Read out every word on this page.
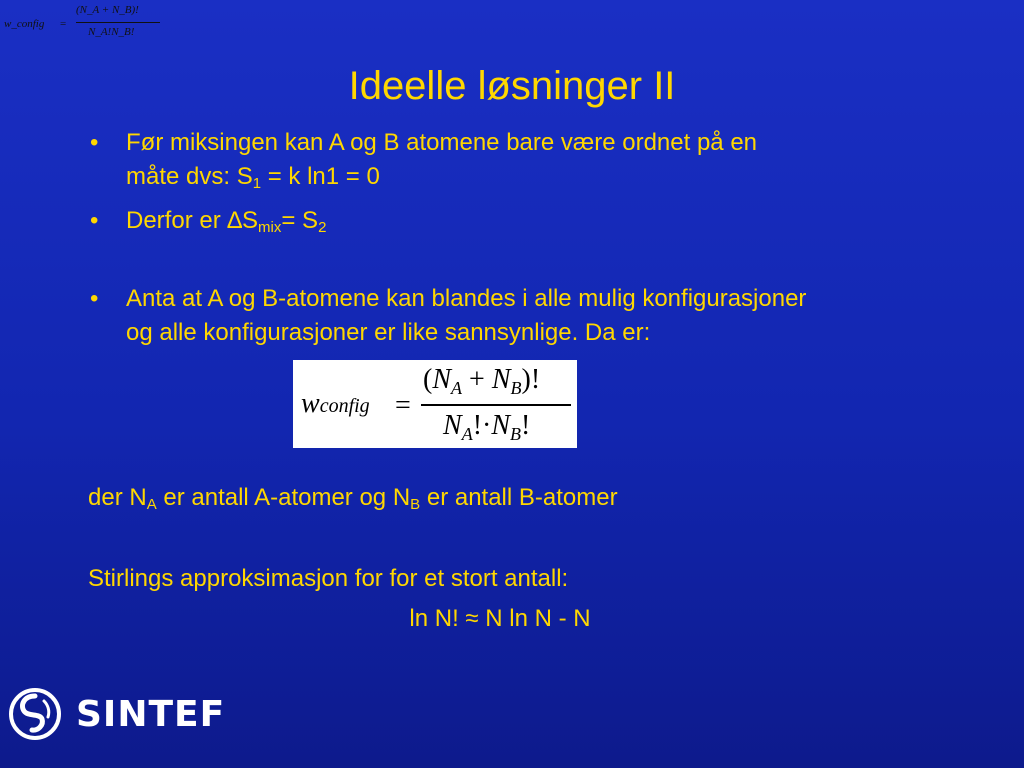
w_config =
(N_A + N_B)!
N_A!N_B!
Ideelle løsninger II
• Før miksingen kan A og B atomene bare være ordnet på en
måte dvs: $S_1 = k$ ln1 = 0
• Derfor er $\Delta S_{mix}= S_2$
• Anta at A og B-atomene kan blandes i alle mulig konfigurasjoner
og alle konfigurasjoner er like sannsynlige. Da er:
wconfig =
$(N_A + N_B)$!
$N_A!\cdot N_B$!
der $N_A$ er antall A-atomer og $N_B$ er antall B-atomer
Stirlings approksimasjon for for et stort antall:
ln N! ≈ N ln N - N
SINTEF
